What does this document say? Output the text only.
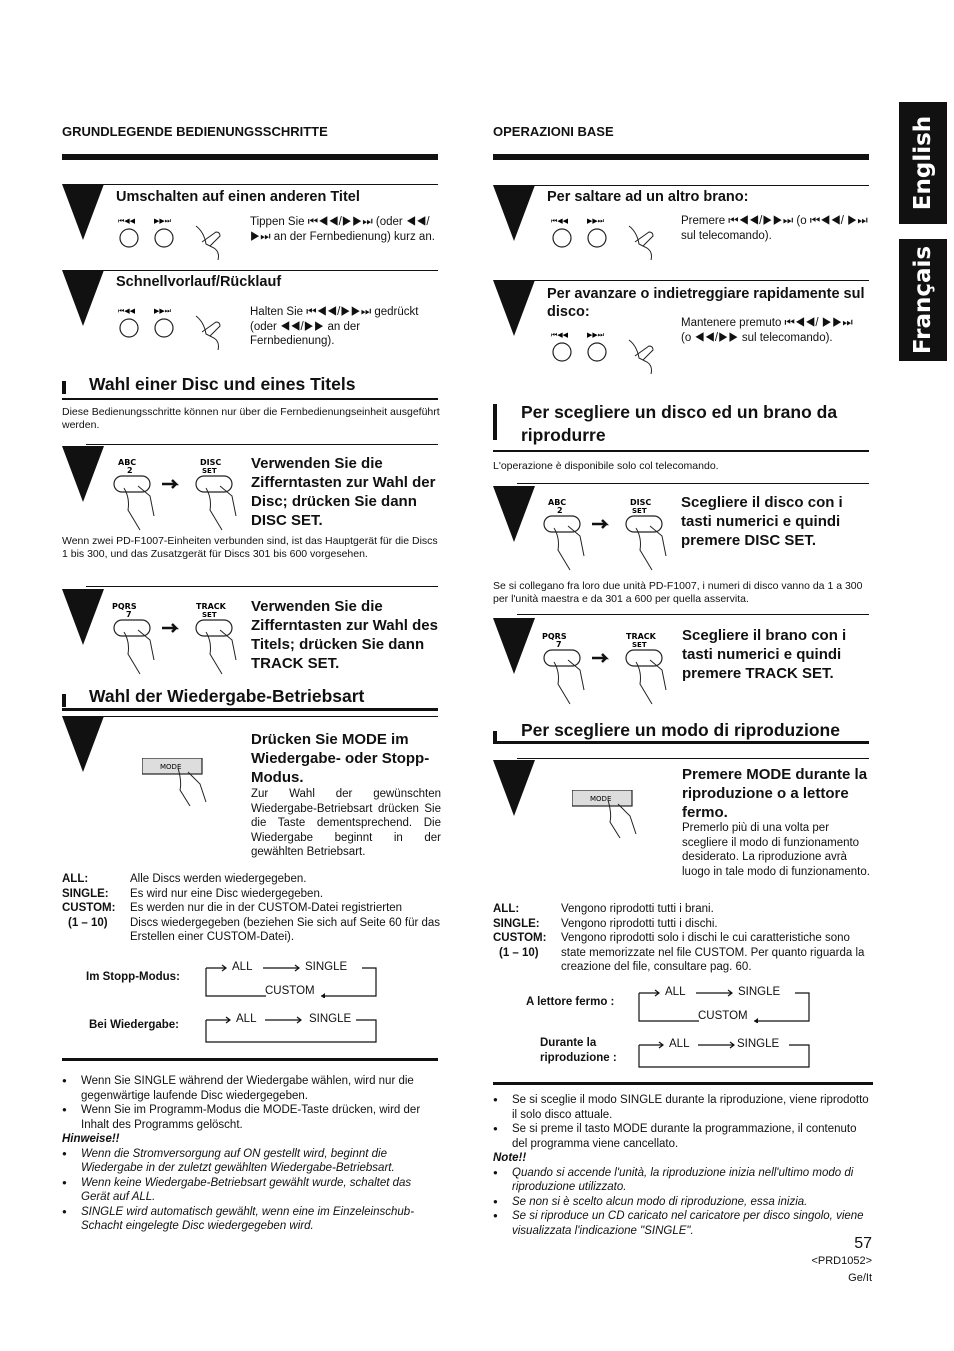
English
Français
GRUNDLEGENDE BEDIENUNGSSCHRITTE
Umschalten auf einen anderen Titel
⏮◀◀	▶▶⏭	Tippen Sie ⏮◀◀/▶▶⏭ (oder ◀◀/▶⏭ an der Fernbedienung) kurz an.
Schnellvorlauf/Rücklauf
⏮◀◀	▶▶⏭	Halten Sie ⏮◀◀/▶▶⏭ gedrückt (oder ◀◀/▶▶ an der Fernbedienung).
Wahl einer Disc und eines Titels
Diese Bedienungsschritte können nur über die Fernbedienungseinheit ausgeführt werden.
ABC
2
DISC
SET Verwenden Sie die Zifferntasten zur Wahl der Disc; drücken Sie dann DISC SET.
Wenn zwei PD-F1007-Einheiten verbunden sind, ist das Hauptgerät für die Discs 1 bis 300, und das Zusatzgerät für Discs 301 bis 600 vorgesehen.
PQRS
7
TRACK
SET Verwenden Sie die Zifferntasten zur Wahl des Titels; drücken Sie dann TRACK SET.
Wahl der Wiedergabe-Betriebsart
MODE
Drücken Sie MODE im Wiedergabe- oder Stopp-Modus.
Zur Wahl der gewünschten Wiedergabe-Betriebsart drücken Sie die Taste dementsprechend. Die Wiedergabe beginnt in der gewählten Betriebsart.
ALL:	Alle Discs werden wiedergegeben.
SINGLE:	Es wird nur eine Disc wiedergegeben.
CUSTOM:	Es werden nur die in der CUSTOM-Datei registrierten
(1 – 10)	Discs wiedergegeben (beziehen Sie sich auf Seite 60 für das Erstellen einer CUSTOM-Datei).
Im Stopp-Modus:
ALL	SINGLE
CUSTOM
Bei Wiedergabe:	ALL	SINGLE
● Wenn Sie SINGLE während der Wiedergabe wählen, wird nur die gegenwärtige laufende Disc wiedergegeben.
● Wenn Sie im Programm-Modus die MODE-Taste drücken, wird der Inhalt des Programms gelöscht.
Hinweise!!
● Wenn die Stromversorgung auf ON gestellt wird, beginnt die Wiedergabe in der zuletzt gewählten Wiedergabe-Betriebsart.
● Wenn keine Wiedergabe-Betriebsart gewählt wurde, schaltet das Gerät auf ALL.
● SINGLE wird automatisch gewählt, wenn eine im Einzeleinschub-Schacht eingelegte Disc wiedergegeben wird.
OPERAZIONI BASE
Per saltare ad un altro brano:
⏮◀◀	▶▶⏭	Premere ⏮◀◀/▶▶⏭ (o ⏮◀◀/ ▶⏭ sul telecomando).
Per avanzare o indietreggiare rapidamente sul disco:
⏮◀◀	▶▶⏭
Mantenere premuto ⏮◀◀/ ▶▶⏭ (o ◀◀/▶▶ sul telecomando).
Per scegliere un disco ed un brano da riprodurre
L'operazione è disponibile solo col telecomando.
ABC
2
DISC
SET Scegliere il disco con i tasti numerici e quindi premere DISC SET.
Se si collegano fra loro due unità PD-F1007, i numeri di disco vanno da 1 a 300 per l'unità maestra e da 301 a 600 per quella asservita.
PQRS
7
TRACK
SET
Scegliere il brano con i tasti numerici e quindi premere TRACK SET.
Per scegliere un modo di riproduzione
MODE
Premere MODE durante la riproduzione o a lettore fermo.
Premerlo più di una volta per scegliere il modo di funzionamento desiderato. La riproduzione avrà luogo in tale modo di funzionamento.
ALL:	Vengono riprodotti tutti i brani.
SINGLE:	Vengono riprodotti tutti i dischi.
CUSTOM:	Vengono riprodotti solo i dischi le cui caratteristiche sono
(1 – 10)	state memorizzate nel file CUSTOM. Per quanto riguarda la creazione del file, consultare pag. 60.
A lettore fermo :
ALL	SINGLE
CUSTOM
Durante la
riproduzione :
ALL	SINGLE
● Se si sceglie il modo SINGLE durante la riproduzione, viene riprodotto il solo disco attuale.
● Se si preme il tasto MODE durante la programmazione, il contenuto del programma viene cancellato.
Note!!
● Quando si accende l'unità, la riproduzione inizia nell'ultimo modo di riproduzione utilizzato.
● Se non si è scelto alcun modo di riproduzione, essa inizia.
● Se si riproduce un CD caricato nel caricatore per disco singolo, viene visualizzata l'indicazione "SINGLE".
57
<PRD1052>
Ge/It
